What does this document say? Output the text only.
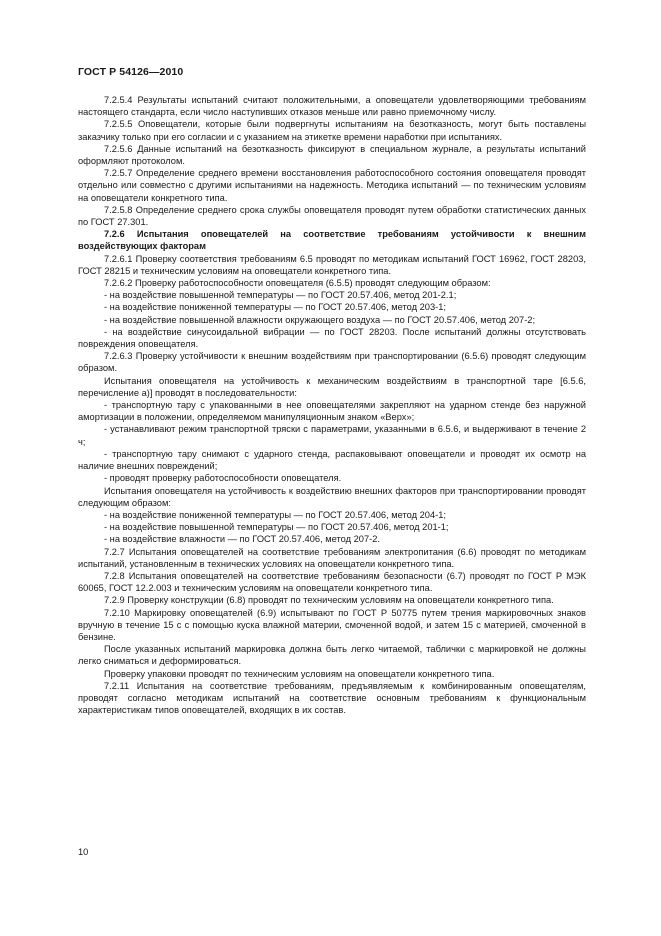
ГОСТ Р 54126—2010

7.2.5.4 Результаты испытаний считают положительными, а оповещатели удовлетворяющими требованиям настоящего стандарта, если число наступивших отказов меньше или равно приемочному числу.

7.2.5.5 Оповещатели, которые были подвергнуты испытаниям на безотказность, могут быть поставлены заказчику только при его согласии и с указанием на этикетке времени наработки при испытаниях.

7.2.5.6 Данные испытаний на безотказность фиксируют в специальном журнале, а результаты испытаний оформляют протоколом.

7.2.5.7 Определение среднего времени восстановления работоспособного состояния оповещателя проводят отдельно или совместно с другими испытаниями на надежность. Методика испытаний — по техническим условиям на оповещатели конкретного типа.

7.2.5.8 Определение среднего срока службы оповещателя проводят путем обработки статистических данных по ГОСТ 27.301.

7.2.6 Испытания оповещателей на соответствие требованиям устойчивости к внешним воздействующих факторам

7.2.6.1 Проверку соответствия требованиям 6.5 проводят по методикам испытаний ГОСТ 16962, ГОСТ 28203, ГОСТ 28215 и техническим условиям на оповещатели конкретного типа.

7.2.6.2 Проверку работоспособности оповещателя (6.5.5) проводят следующим образом:

- на воздействие повышенной температуры — по ГОСТ 20.57.406, метод 201-2.1;

- на воздействие пониженной температуры — по ГОСТ 20.57.406, метод 203-1;

- на воздействие повышенной влажности окружающего воздуха — по ГОСТ 20.57.406, метод 207-2;

- на воздействие синусоидальной вибрации — по ГОСТ 28203. После испытаний должны отсутствовать повреждения оповещателя.

7.2.6.3 Проверку устойчивости к внешним воздействиям при транспортировании (6.5.6) проводят следующим образом.

Испытания оповещателя на устойчивость к механическим воздействиям в транспортной таре [6.5.6, перечисление а)] проводят в последовательности:

- транспортную тару с упакованными в нее оповещателями закрепляют на ударном стенде без наружной амортизации в положении, определяемом манипуляционным знаком «Верх»;

- устанавливают режим транспортной тряски с параметрами, указанными в 6.5.6, и выдерживают в течение 2 ч;

- транспортную тару снимают с ударного стенда, распаковывают оповещатели и проводят их осмотр на наличие внешних повреждений;

- проводят проверку работоспособности оповещателя.

Испытания оповещателя на устойчивость к воздействию внешних факторов при транспортировании проводят следующим образом:

- на воздействие пониженной температуры — по ГОСТ 20.57.406, метод 204-1;

- на воздействие повышенной температуры — по ГОСТ 20.57.406, метод 201-1;

- на воздействие влажности — по ГОСТ 20.57.406, метод 207-2.

7.2.7 Испытания оповещателей на соответствие требованиям электропитания (6.6) проводят по методикам испытаний, установленным в технических условиях на оповещатели конкретного типа.

7.2.8 Испытания оповещателей на соответствие требованиям безопасности (6.7) проводят по ГОСТ Р МЭК 60065, ГОСТ 12.2.003 и техническим условиям на оповещатели конкретного типа.

7.2.9 Проверку конструкции (6.8) проводят по техническим условиям на оповещатели конкретного типа.

7.2.10 Маркировку оповещателей (6.9) испытывают по ГОСТ Р 50775 путем трения маркировочных знаков вручную в течение 15 с с помощью куска влажной материи, смоченной водой, и затем 15 с материей, смоченной в бензине.

После указанных испытаний маркировка должна быть легко читаемой, таблички с маркировкой не должны легко сниматься и деформироваться.

Проверку упаковки проводят по техническим условиям на оповещатели конкретного типа.

7.2.11 Испытания на соответствие требованиям, предъявляемым к комбинированным оповещателям, проводят согласно методикам испытаний на соответствие основным требованиям к функциональным характеристикам типов оповещателей, входящих в их состав.

10
